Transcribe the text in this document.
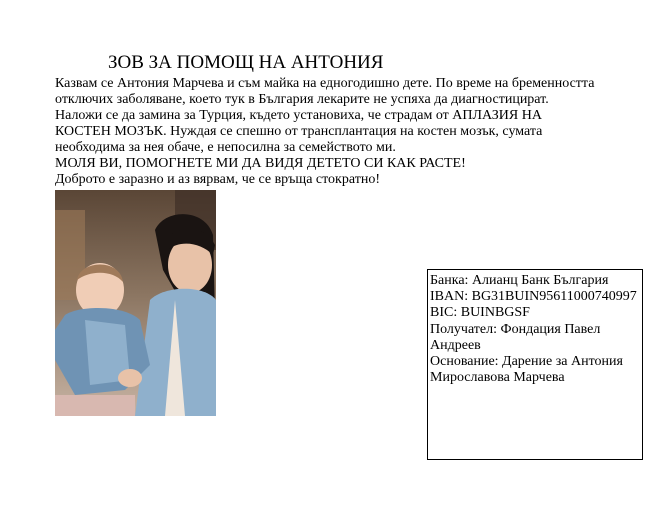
ЗОВ ЗА ПОМОЩ НА АНТОНИЯ
Казвам се Антония Марчева и съм майка на едногодишно дете. По време на бременността
отключих заболяване, което тук в България лекарите не успяха да диагностицират.
Наложи се да замина за Турция, където установиха, че страдам от АПЛАЗИЯ НА
КОСТЕН МОЗЪК. Нуждая се спешно от трансплантация на костен мозък, сумата
необходима за нея обаче, е непосилна за семейството ми.
МОЛЯ ВИ, ПОМОГНЕТЕ МИ ДА ВИДЯ ДЕТЕТО СИ КАК РАСТЕ!
Доброто е заразно и аз вярвам, че се връща стократно!
Банка: Алианц Банк България
IBAN: BG31BUIN95611000740997
BIC: BUINBGSF
Получател: Фондация Павел
Андреев
Основание: Дарение за Антония
Мирославова Марчева
